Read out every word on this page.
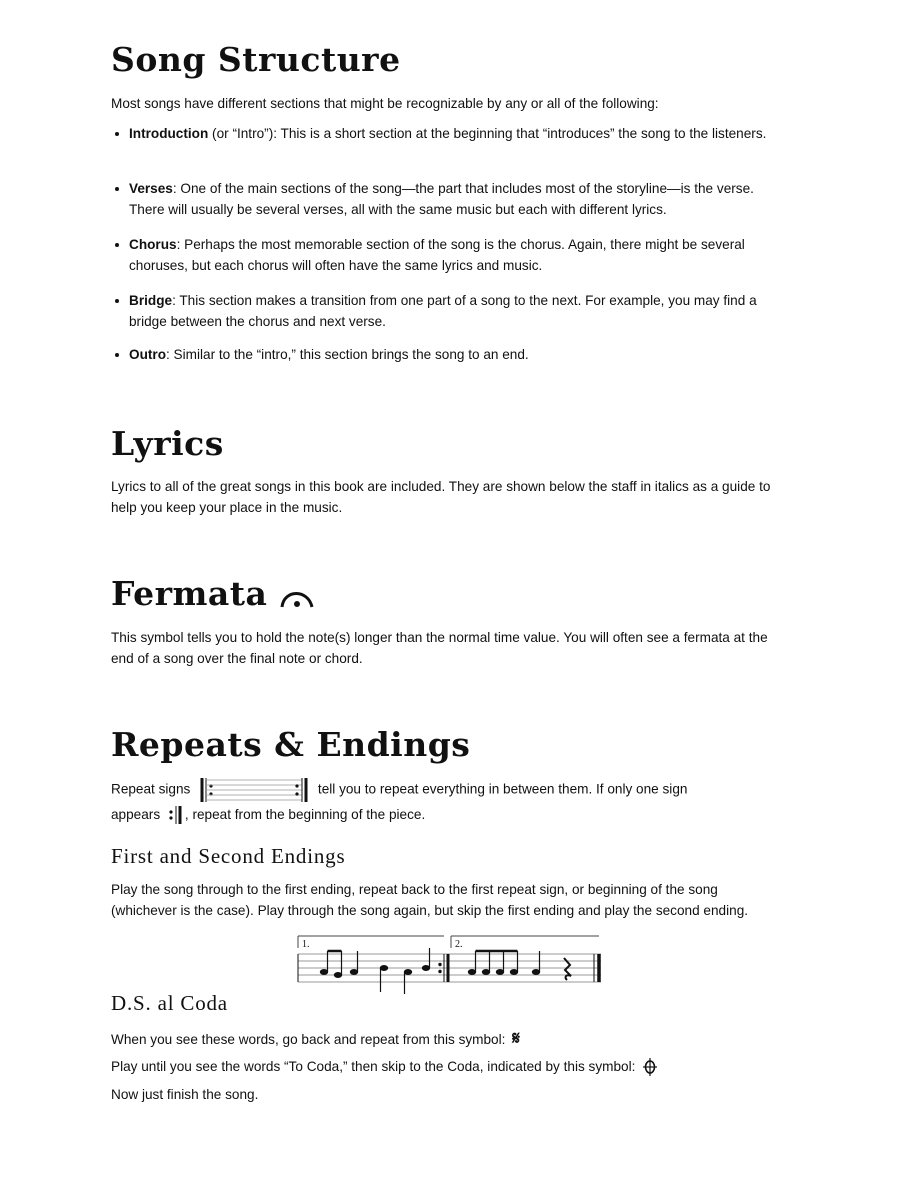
Song Structure

Most songs have different sections that might be recognizable by any or all of the following:

Introduction (or “Intro”): This is a short section at the beginning that “introduces” the song to the listeners.
Verses: One of the main sections of the song—the part that includes most of the storyline—is the verse. There will usually be several verses, all with the same music but each with different lyrics.
Chorus: Perhaps the most memorable section of the song is the chorus. Again, there might be several choruses, but each chorus will often have the same lyrics and music.
Bridge: This section makes a transition from one part of a song to the next. For example, you may find a bridge between the chorus and next verse.
Outro: Similar to the “intro,” this section brings the song to an end.
Lyrics

Lyrics to all of the great songs in this book are included. They are shown below the staff in italics as a guide to help you keep your place in the music.

Fermata

This symbol tells you to hold the note(s) longer than the normal time value. You will often see a fermata at the end of a song over the final note or chord.

Repeats & Endings
Repeat signs	tell you to repeat everything in between them. If only one sign
appears , repeat from the beginning of the piece.
First and Second Endings

Play the song through to the first ending, repeat back to the first repeat sign, or beginning of the song (whichever is the case). Play through the song again, but skip the first ending and play the second ending.

1.	2.
D.S. al Coda

When you see these words, go back and repeat from this symbol: 𝄋

Play until you see the words “To Coda,” then skip to the Coda, indicated by this symbol:

Now just finish the song.
